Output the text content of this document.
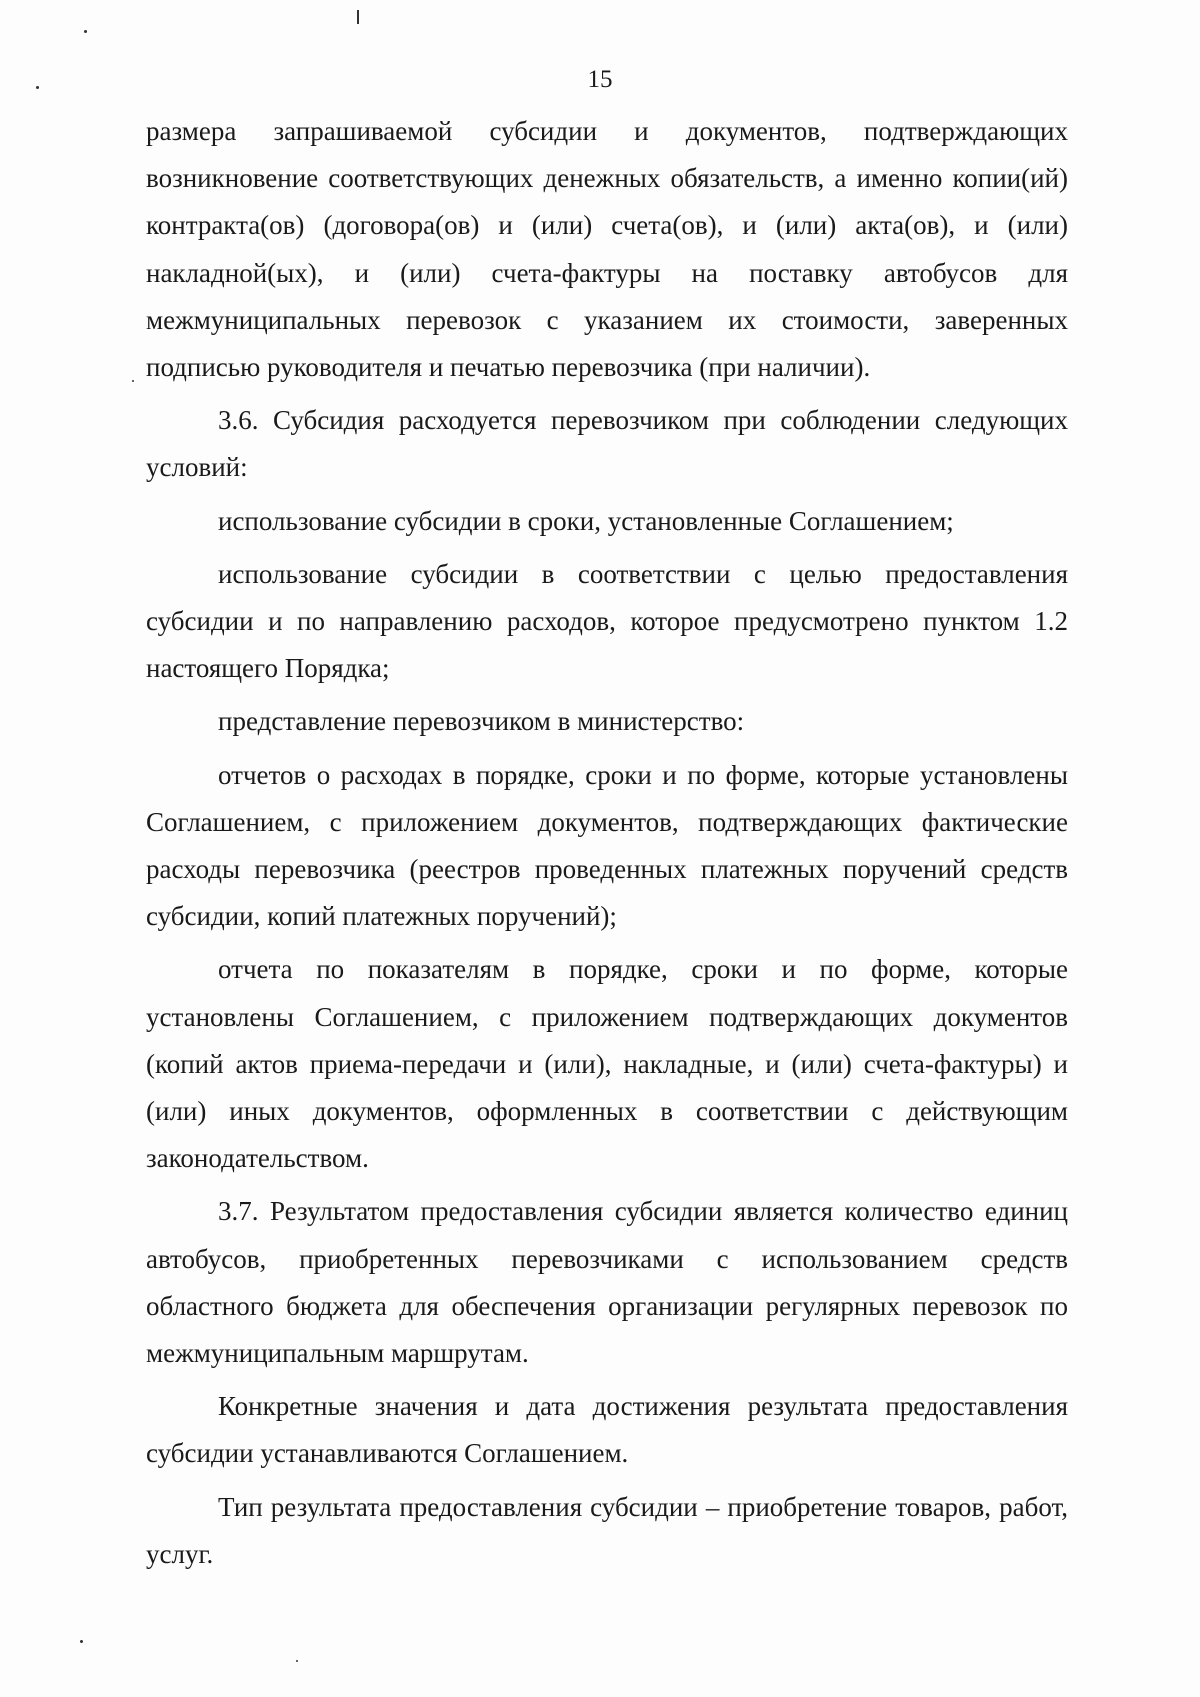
15

размера запрашиваемой субсидии и документов, подтверждающих возникновение соответствующих денежных обязательств, а именно копии(ий) контракта(ов) (договора(ов) и (или) счета(ов), и (или) акта(ов), и (или) накладной(ых), и (или) счета-фактуры на поставку автобусов для межмуниципальных перевозок с указанием их стоимости, заверенных подписью руководителя и печатью перевозчика (при наличии).

3.6. Субсидия расходуется перевозчиком при соблюдении следующих условий:

использование субсидии в сроки, установленные Соглашением;

использование субсидии в соответствии с целью предоставления субсидии и по направлению расходов, которое предусмотрено пунктом 1.2 настоящего Порядка;

представление перевозчиком в министерство:

отчетов о расходах в порядке, сроки и по форме, которые установлены Соглашением, с приложением документов, подтверждающих фактические расходы перевозчика (реестров проведенных платежных поручений средств субсидии, копий платежных поручений);

отчета по показателям в порядке, сроки и по форме, которые установлены Соглашением, с приложением подтверждающих документов (копий актов приема-передачи и (или), накладные, и (или) счета-фактуры) и (или) иных документов, оформленных в соответствии с действующим законодательством.

3.7. Результатом предоставления субсидии является количество единиц автобусов, приобретенных перевозчиками с использованием средств областного бюджета для обеспечения организации регулярных перевозок по межмуниципальным маршрутам.

Конкретные значения и дата достижения результата предоставления субсидии устанавливаются Соглашением.

Тип результата предоставления субсидии – приобретение товаров, работ, услуг.
